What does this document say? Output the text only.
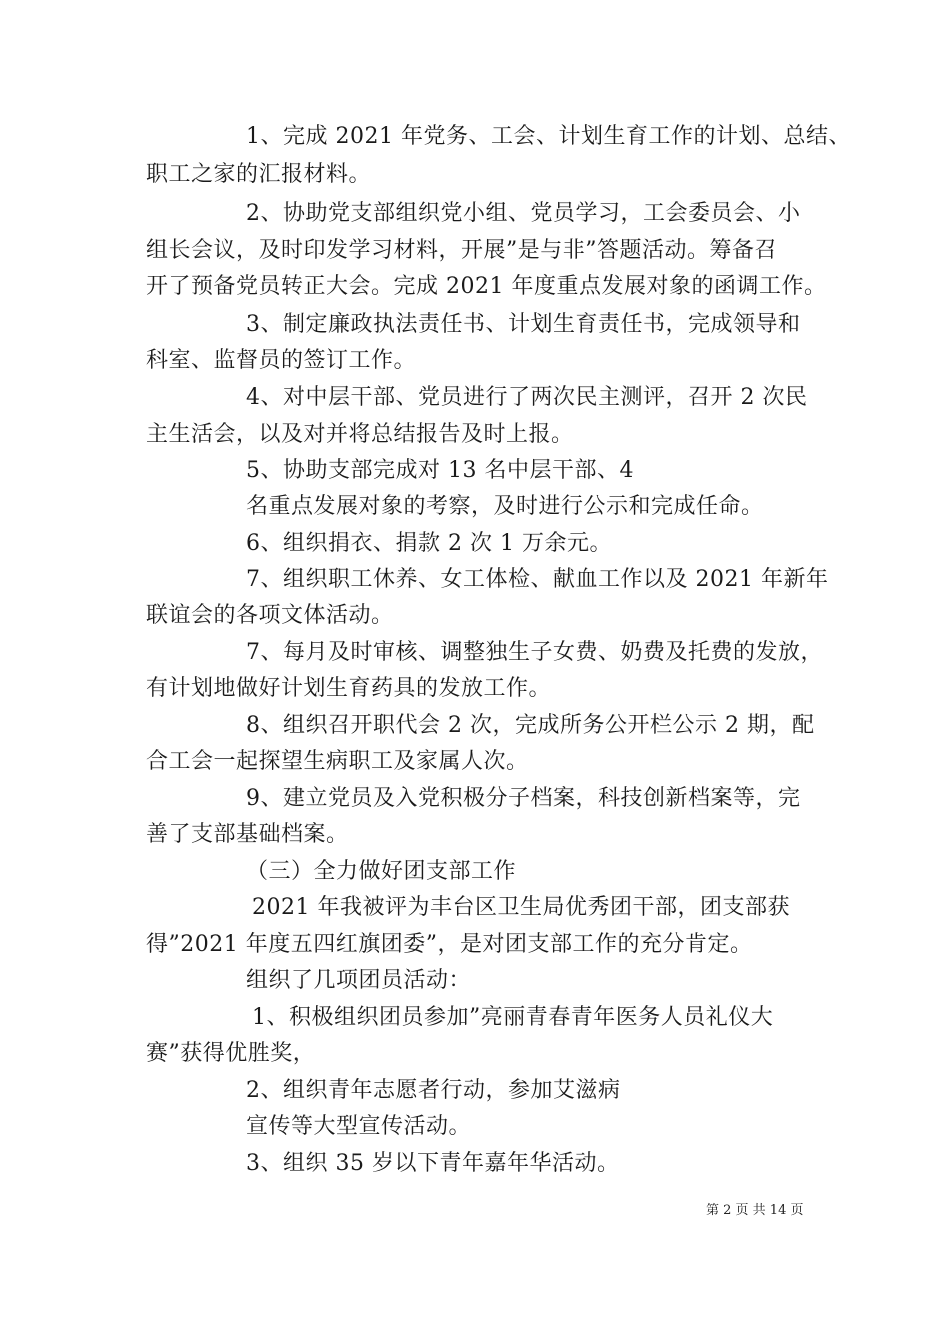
1、完成 2021 年党务、工会、计划生育工作的计划、总结、
职工之家的汇报材料。
2、协助党支部组织党小组、党员学习，工会委员会、小
组长会议，及时印发学习材料，开展”是与非”答题活动。筹备召
开了预备党员转正大会。完成 2021 年度重点发展对象的函调工作。
3、制定廉政执法责任书、计划生育责任书，完成领导和
科室、监督员的签订工作。
4、对中层干部、党员进行了两次民主测评，召开 2 次民
主生活会，以及对并将总结报告及时上报。
5、协助支部完成对 13 名中层干部、4
名重点发展对象的考察，及时进行公示和完成任命。
6、组织捐衣、捐款 2 次 1 万余元。
7、组织职工休养、女工体检、献血工作以及 2021 年新年
联谊会的各项文体活动。
7、每月及时审核、调整独生子女费、奶费及托费的发放，
有计划地做好计划生育药具的发放工作。
8、组织召开职代会 2 次，完成所务公开栏公示 2 期，配
合工会一起探望生病职工及家属人次。
9、建立党员及入党积极分子档案，科技创新档案等，完
善了支部基础档案。
（三）全力做好团支部工作
2021 年我被评为丰台区卫生局优秀团干部，团支部获
得”2021 年度五四红旗团委”，是对团支部工作的充分肯定。
组织了几项团员活动：
1、积极组织团员参加”亮丽青春青年医务人员礼仪大
赛”获得优胜奖，
2、组织青年志愿者行动，参加艾滋病
宣传等大型宣传活动。
3、组织 35 岁以下青年嘉年华活动。
第 2 页 共 14 页
